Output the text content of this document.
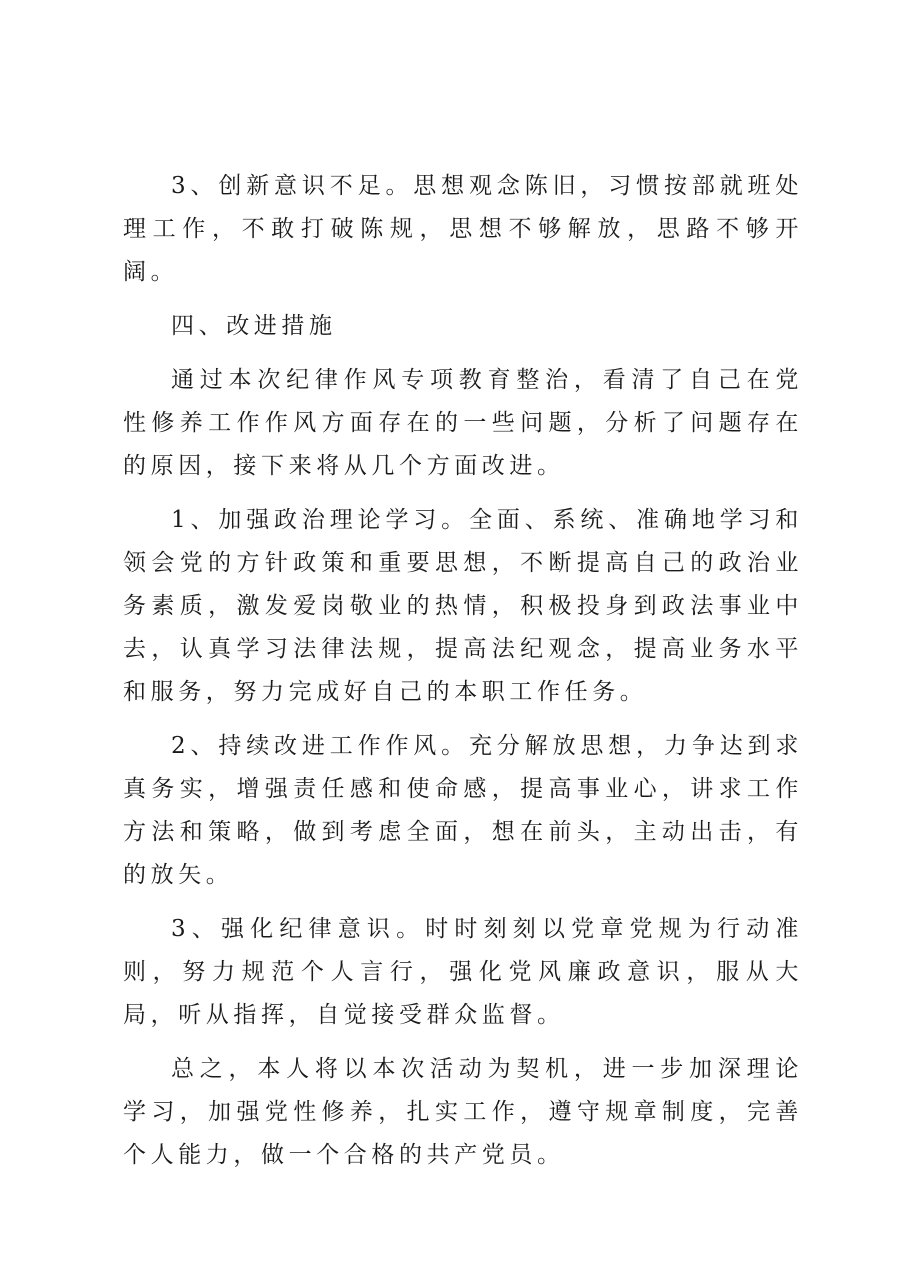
3、创新意识不足。思想观念陈旧，习惯按部就班处理工作，不敢打破陈规，思想不够解放，思路不够开阔。

四、改进措施

通过本次纪律作风专项教育整治，看清了自己在党性修养工作作风方面存在的一些问题，分析了问题存在的原因，接下来将从几个方面改进。

1、加强政治理论学习。全面、系统、准确地学习和领会党的方针政策和重要思想，不断提高自己的政治业务素质，激发爱岗敬业的热情，积极投身到政法事业中去，认真学习法律法规，提高法纪观念，提高业务水平和服务，努力完成好自己的本职工作任务。

2、持续改进工作作风。充分解放思想，力争达到求真务实，增强责任感和使命感，提高事业心，讲求工作方法和策略，做到考虑全面，想在前头，主动出击，有的放矢。

3、强化纪律意识。时时刻刻以党章党规为行动准则，努力规范个人言行，强化党风廉政意识，服从大局，听从指挥，自觉接受群众监督。

总之，本人将以本次活动为契机，进一步加深理论学习，加强党性修养，扎实工作，遵守规章制度，完善个人能力，做一个合格的共产党员。
